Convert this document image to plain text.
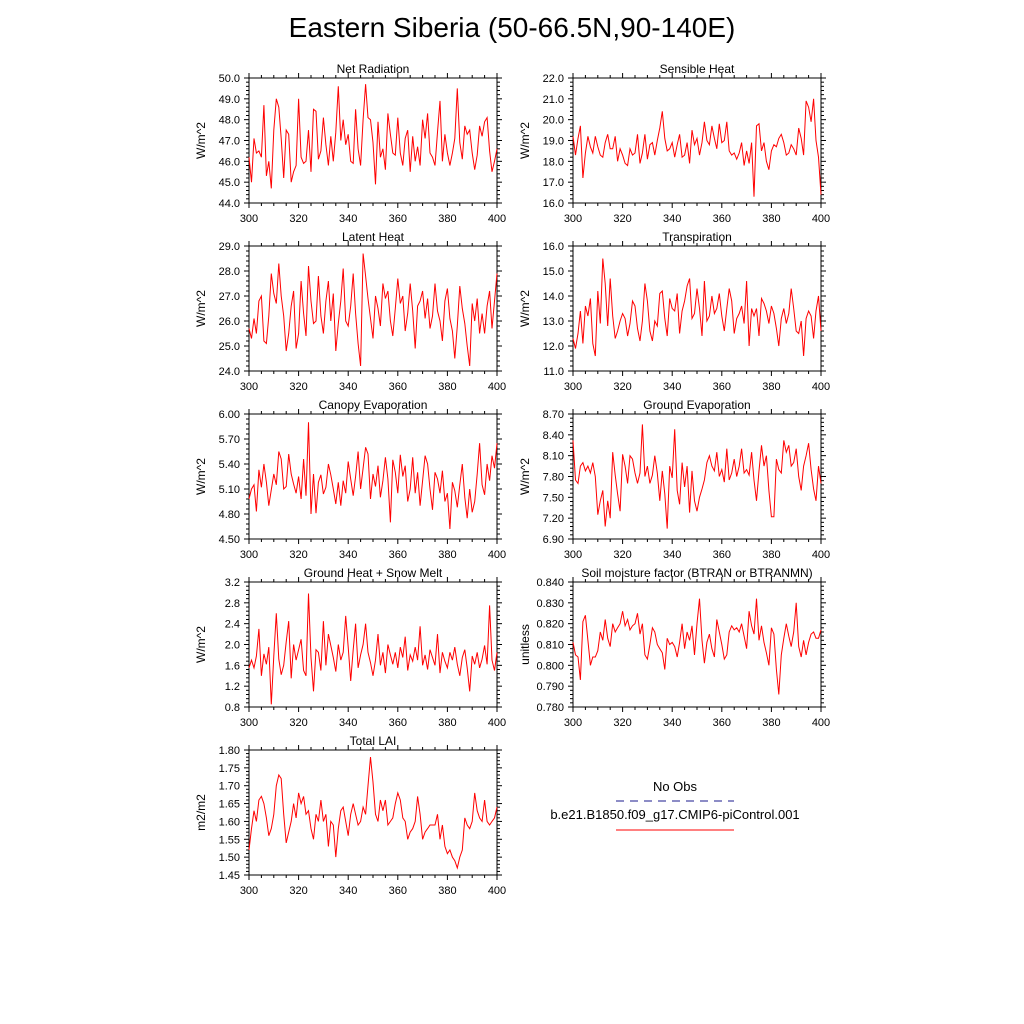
Eastern Siberia (50-66.5N,90-140E)
Net Radiation
W/m^2
44.0
45.0
46.0
47.0
48.0
49.0
50.0
300	320	340	360	380	400
Sensible Heat
W/m^2
16.0
17.0
18.0
19.0
20.0
21.0
22.0
300	320	340	360	380	400
Latent Heat
W/m^2
24.0
25.0
26.0
27.0
28.0
29.0
300	320	340	360	380	400
Transpiration
W/m^2
11.0
12.0
13.0
14.0
15.0
16.0
300	320	340	360	380	400
Canopy Evaporation
W/m^2
4.50
4.80
5.10
5.40
5.70
6.00
300	320	340	360	380	400
Ground Evaporation
W/m^2
6.90
7.20
7.50
7.80
8.10
8.40
8.70
300	320	340	360	380	400
Ground Heat + Snow Melt
W/m^2
0.8
1.2
1.6
2.0
2.4
2.8
3.2
300	320	340	360	380	400
Soil moisture factor (BTRAN or BTRANMN)
unitless
0.780
0.790
0.800
0.810
0.820
0.830
0.840
300	320	340	360	380	400
Total LAI
m2/m2
1.45
1.50
1.55
1.60
1.65
1.70
1.75
1.80
300	320	340	360	380	400
No Obs
b.e21.B1850.f09_g17.CMIP6-piControl.001
